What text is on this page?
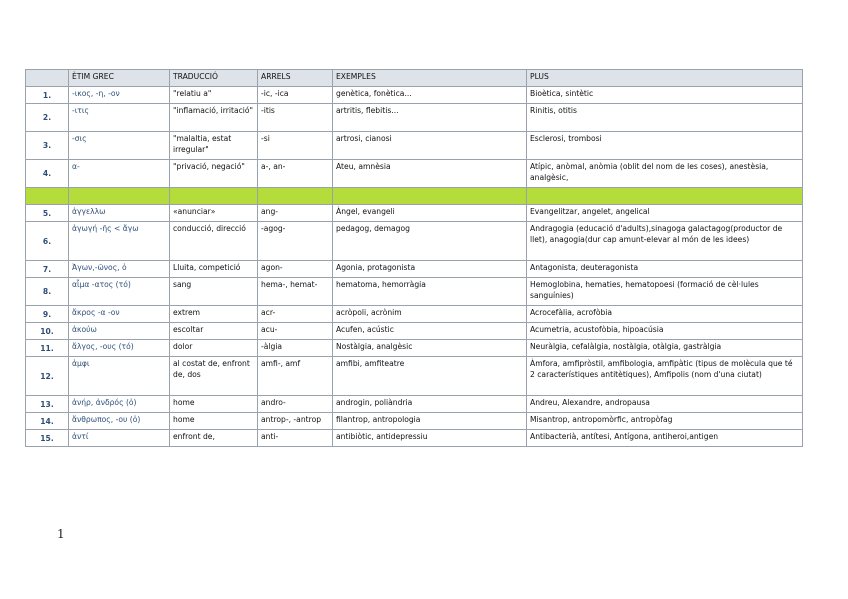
	ÈTIM GREC	TRADUCCIÓ	ARRELS	EXEMPLES	PLUS
1.	-ικος, -η, -ον	"relatiu a"	-ic, -ica	genètica, fonètica...	Bioètica, sintètic
2.	-ιτις	"inflamació, irritació"	-itis	artritis, flebitis...	Rinitis, otitis
3.	-σις	"malaltia, estat irregular"	-si	artrosi, cianosi	Esclerosi, trombosi
4.	α-	"privació, negació"	a-, an-	Ateu, amnèsia	Atípic, anòmal, anòmia (oblit del nom de les coses), anestèsia, analgèsic,

5.	ἀγγελλω	«anunciar»	ang-	Àngel, evangeli	Evangelitzar, angelet, angelical
6.	ἀγωγή -ῆς < ἄγω	conducció, direcció	-agog-	pedagog, demagog	Andragogia (educació d'adults),sinagoga galactagog(productor de llet), anagogia(dur cap amunt-elevar al món de les idees)
7.	Ἀγων,-ῶνος, ὁ	Lluita, competició	agon-	Agonia, protagonista	Antagonista, deuteragonista
8.	αἷμα -ατος (τό)	sang	hema-, hemat-	hematoma, hemorràgia	Hemoglobina, hematies, hematopoesi (formació de cèl·lules sanguínies)
9.	ἄκρος -α -ον	extrem	acr-	acròpoli, acrònim	Acrocefàlia, acrofòbia
10.	ἀκούω	escoltar	acu-	Acufen, acústic	Acumetria, acustofòbia, hipoacúsia
11.	ἄλγος, -ους (τό)	dolor	-àlgia	Nostàlgia, analgèsic	Neuràlgia, cefalàlgia, nostàlgia, otàlgia, gastràlgia
12.	ἀμφι	al costat de, enfront de, dos	amfi-, amf	amfibi, amfiteatre	Àmfora, amfipròstil, amfibologia, amfipàtic (tipus de molècula que té 2 característiques antitètiques), Amfipolis (nom d'una ciutat)
13.	ἀνήρ, ἀνδρός (ὁ)	home	andro-	androgin, poliàndria	Andreu, Alexandre, andropausa
14.	ἄνθρωπος, -ου (ὁ)	home	antrop-, -antrop	filantrop, antropologia	Misantrop, antropomòrfic, antropòfag
15.	ἀντί	enfront de,	anti-	antibiòtic, antidepressiu	Antibacterià, antítesi, Antígona, antiheroi,antigen
1
